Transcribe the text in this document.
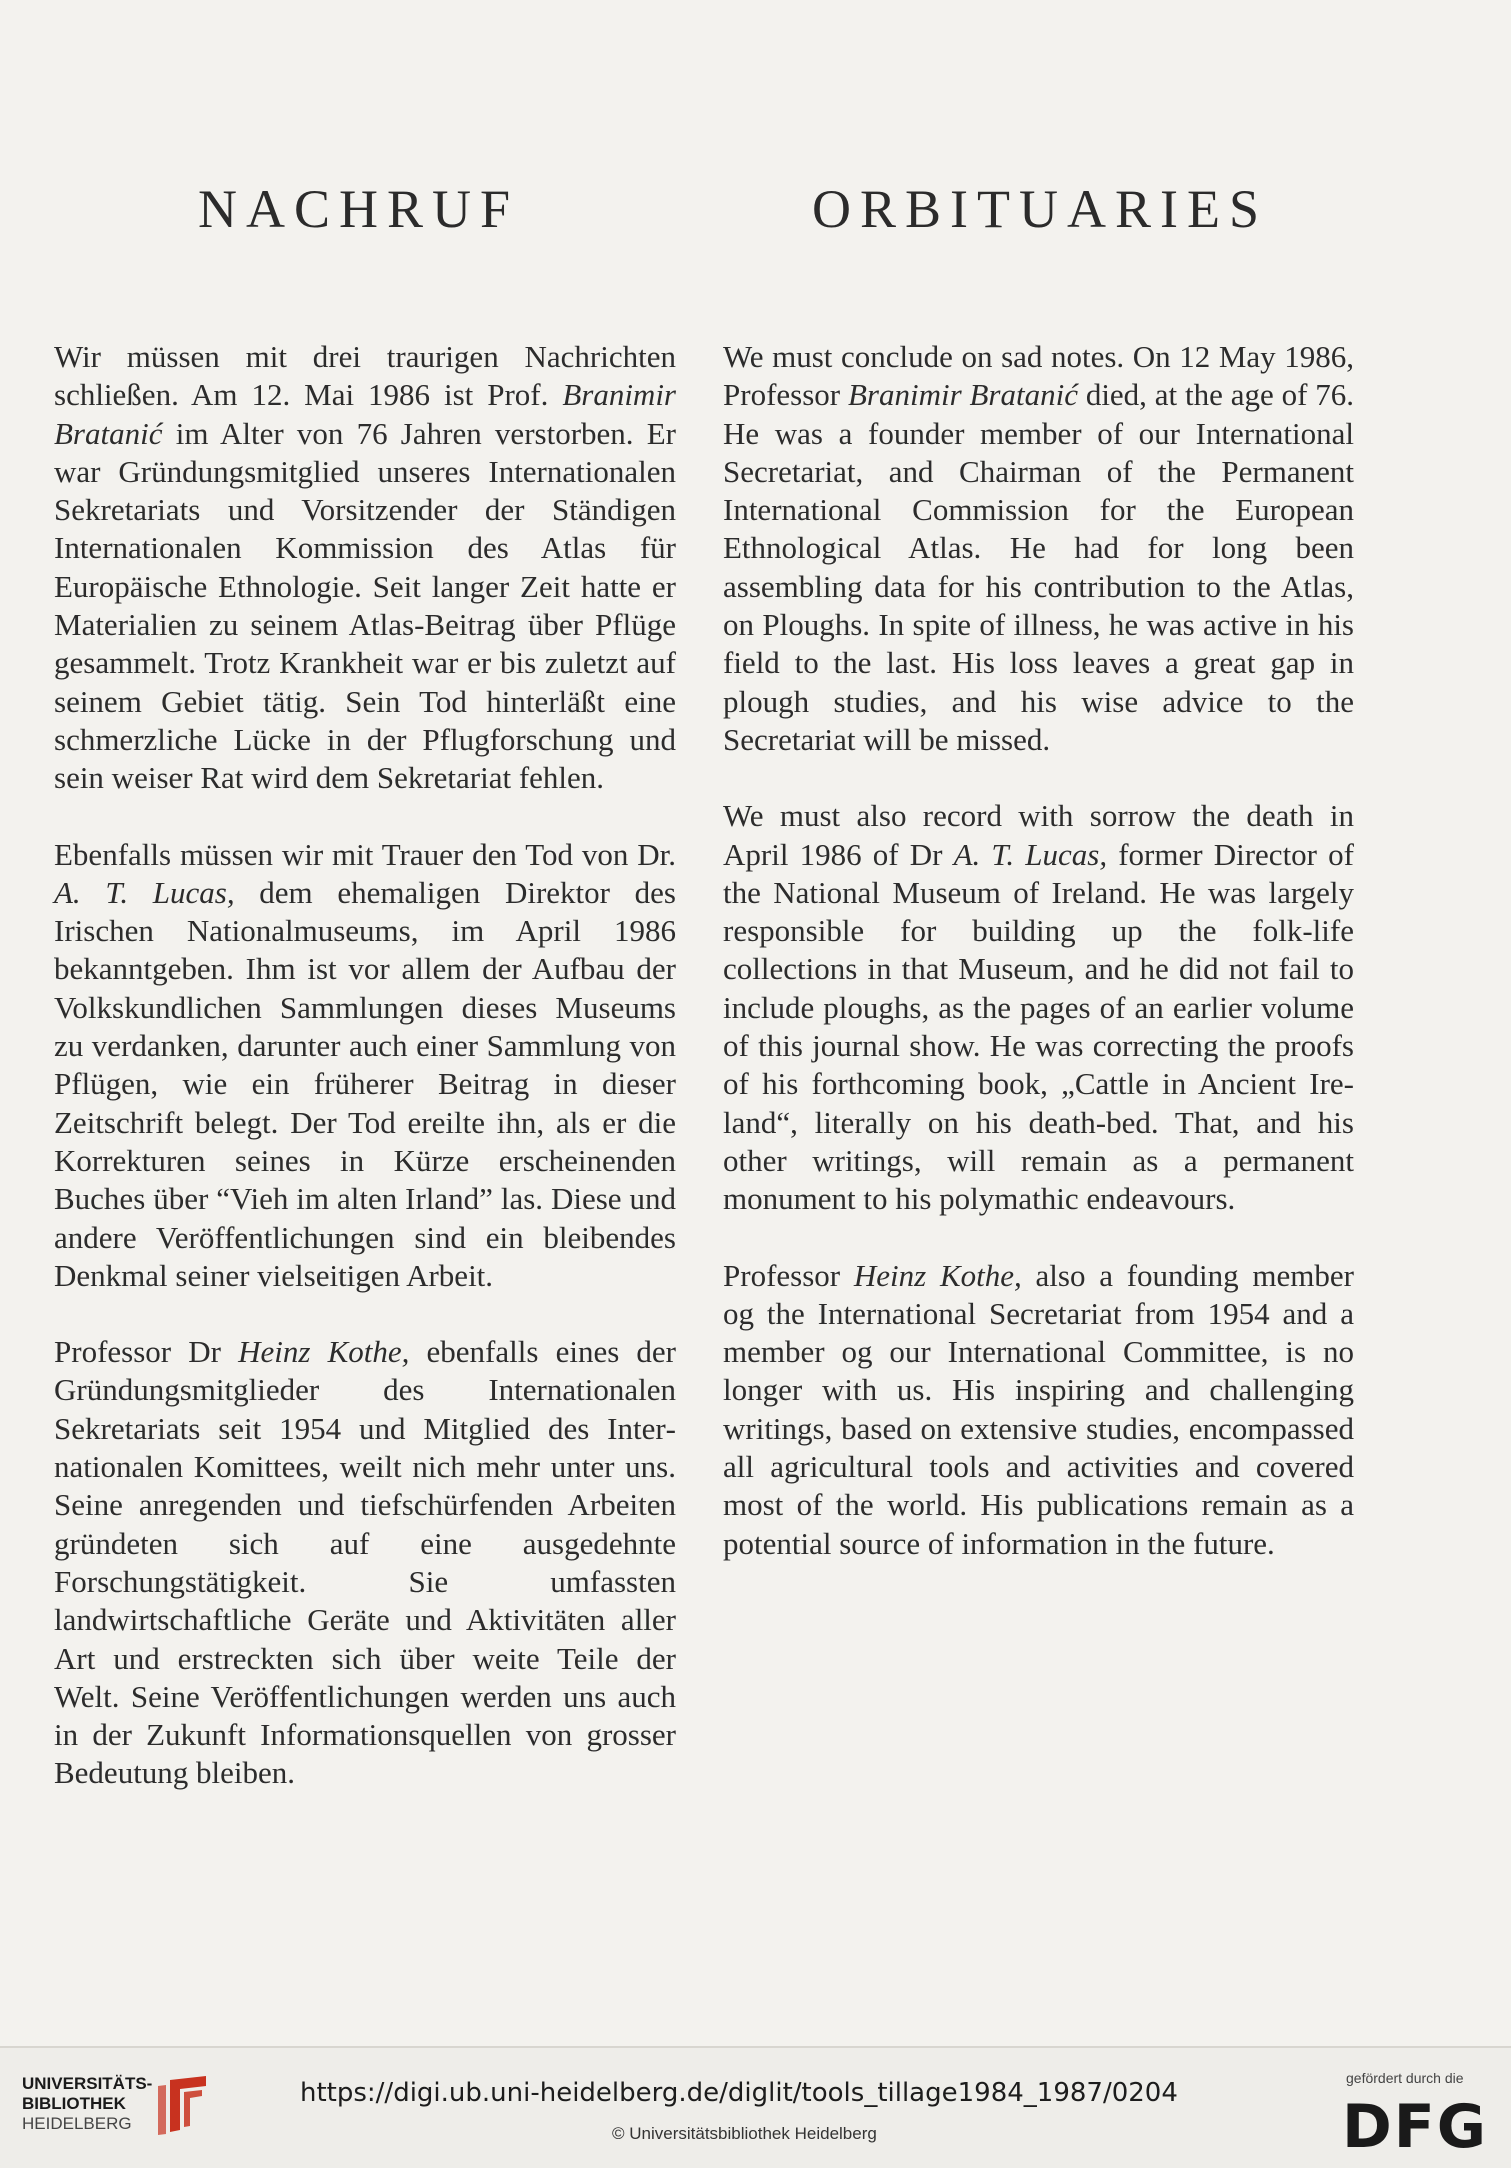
NACHRUF	ORBITUARIES

Wir müssen mit drei traurigen Nachrichten schließen. Am 12. Mai 1986 ist Prof. Branimir Bratanić im Alter von 76 Jahren verstorben. Er war Gründungsmitglied unseres Internationalen Sekretariats und Vorsitzender der Ständigen Internationalen Kommission des Atlas für Europäische Ethnologie. Seit langer Zeit hatte er Materialien zu seinem Atlas-Beitrag über Pflüge gesammelt. Trotz Krankheit war er bis zuletzt auf seinem Gebiet tätig. Sein Tod hinterläßt eine schmerzliche Lücke in der Pflugforschung und sein weiser Rat wird dem Sekretariat fehlen.

Ebenfalls müssen wir mit Trauer den Tod von Dr. A. T. Lucas, dem ehemaligen Direktor des Irischen Nationalmuseums, im April 1986 bekanntgeben. Ihm ist vor allem der Aufbau der Volkskundlichen Sammlungen dieses Museums zu verdanken, darunter auch einer Sammlung von Pflügen, wie ein früherer Beitrag in dieser Zeitschrift belegt. Der Tod ereilte ihn, als er die Korrekturen seines in Kürze erscheinenden Buches über “Vieh im alten Irland” las. Diese und andere Veröffentlichungen sind ein bleibendes Denkmal seiner vielseitigen Arbeit.

Professor Dr Heinz Kothe, ebenfalls eines der Gründungsmitglieder des Internationalen Sekretariats seit 1954 und Mitglied des Internationalen Komittees, weilt nich mehr unter uns. Seine anregenden und tiefschürfenden Arbeiten gründeten sich auf eine ausgedehnte Forschungstätigkeit. Sie umfassten landwirtschaftliche Geräte und Aktivitäten aller Art und erstreckten sich über weite Teile der Welt. Seine Veröffentlichungen werden uns auch in der Zukunft Informationsquellen von grosser Bedeutung bleiben.

We must conclude on sad notes. On 12 May 1986, Professor Branimir Bratanić died, at the age of 76. He was a founder member of our International Secretariat, and Chairman of the Permanent International Commission for the European Ethnological Atlas. He had for long been assembling data for his contribution to the Atlas, on Ploughs. In spite of illness, he was active in his field to the last. His loss leaves a great gap in plough studies, and his wise advice to the Secretariat will be missed.

We must also record with sorrow the death in April 1986 of Dr A. T. Lucas, former Director of the National Museum of Ireland. He was largely responsible for building up the folk-life collections in that Museum, and he did not fail to include ploughs, as the pages of an earlier volume of this journal show. He was correcting the proofs of his forthcoming book, „Cattle in Ancient Ireland“, literally on his death-bed. That, and his other writings, will remain as a permanent monument to his polymathic endeavours.

Professor Heinz Kothe, also a founding member og the International Secretariat from 1954 and a member og our International Committee, is no longer with us. His inspiring and challenging writings, based on extensive studies, encompassed all agricultural tools and activities and covered most of the world. His publications remain as a potential source of information in the future.

UNIVERSITÄTS-
BIBLIOTHEK
HEIDELBERG
https://digi.ub.uni-heidelberg.de/diglit/tools_tillage1984_1987/0204
© Universitätsbibliothek Heidelberg
gefördert durch die
DFG
